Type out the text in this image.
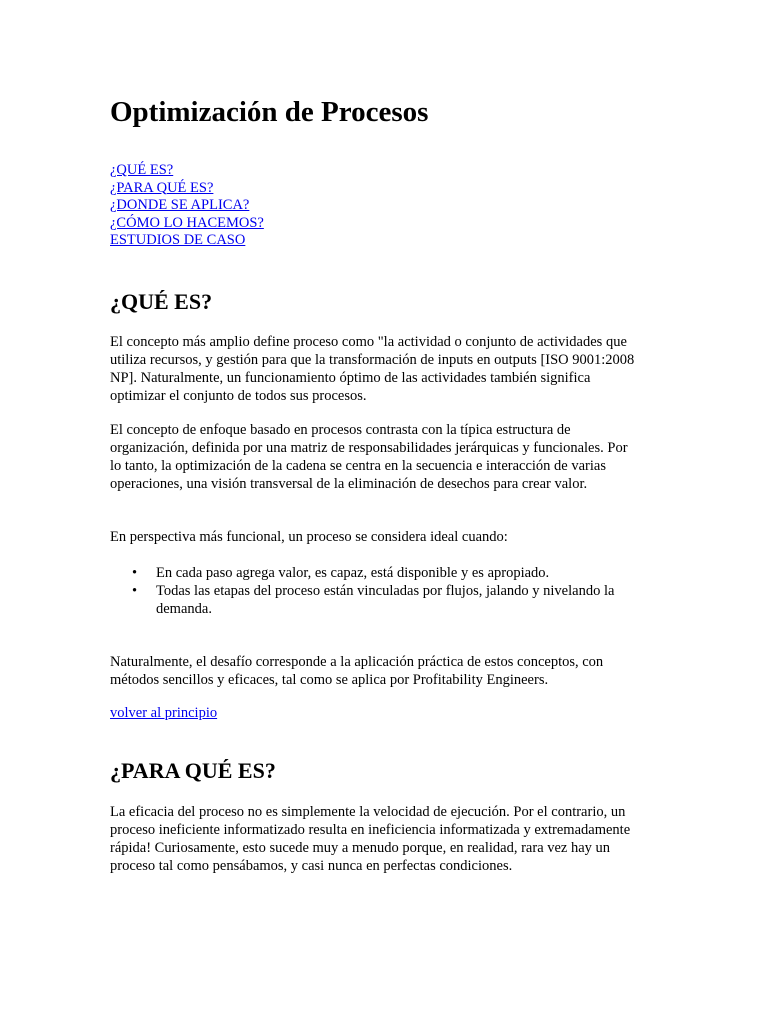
Optimización de Procesos
¿QUÉ ES?
¿PARA QUÉ ES?
¿DONDE SE APLICA?
¿CÓMO LO HACEMOS?
ESTUDIOS DE CASO
¿QUÉ ES?

El concepto más amplio define proceso como "la actividad o conjunto de actividades que utiliza recursos, y gestión para que la transformación de inputs en outputs [ISO 9001:2008 NP]. Naturalmente, un funcionamiento óptimo de las actividades también significa optimizar el conjunto de todos sus procesos.

El concepto de enfoque basado en procesos contrasta con la típica estructura de organización, definida por una matriz de responsabilidades jerárquicas y funcionales. Por lo tanto, la optimización de la cadena se centra en la secuencia e interacción de varias operaciones, una visión transversal de la eliminación de desechos para crear valor.

En perspectiva más funcional, un proceso se considera ideal cuando:

• En cada paso agrega valor, es capaz, está disponible y es apropiado.
• Todas las etapas del proceso están vinculadas por flujos, jalando y nivelando la demanda.

Naturalmente, el desafío corresponde a la aplicación práctica de estos conceptos, con métodos sencillos y eficaces, tal como se aplica por Profitability Engineers.

volver al principio
¿PARA QUÉ ES?

La eficacia del proceso no es simplemente la velocidad de ejecución. Por el contrario, un proceso ineficiente informatizado resulta en ineficiencia informatizada y extremadamente rápida! Curiosamente, esto sucede muy a menudo porque, en realidad, rara vez hay un proceso tal como pensábamos, y casi nunca en perfectas condiciones.
